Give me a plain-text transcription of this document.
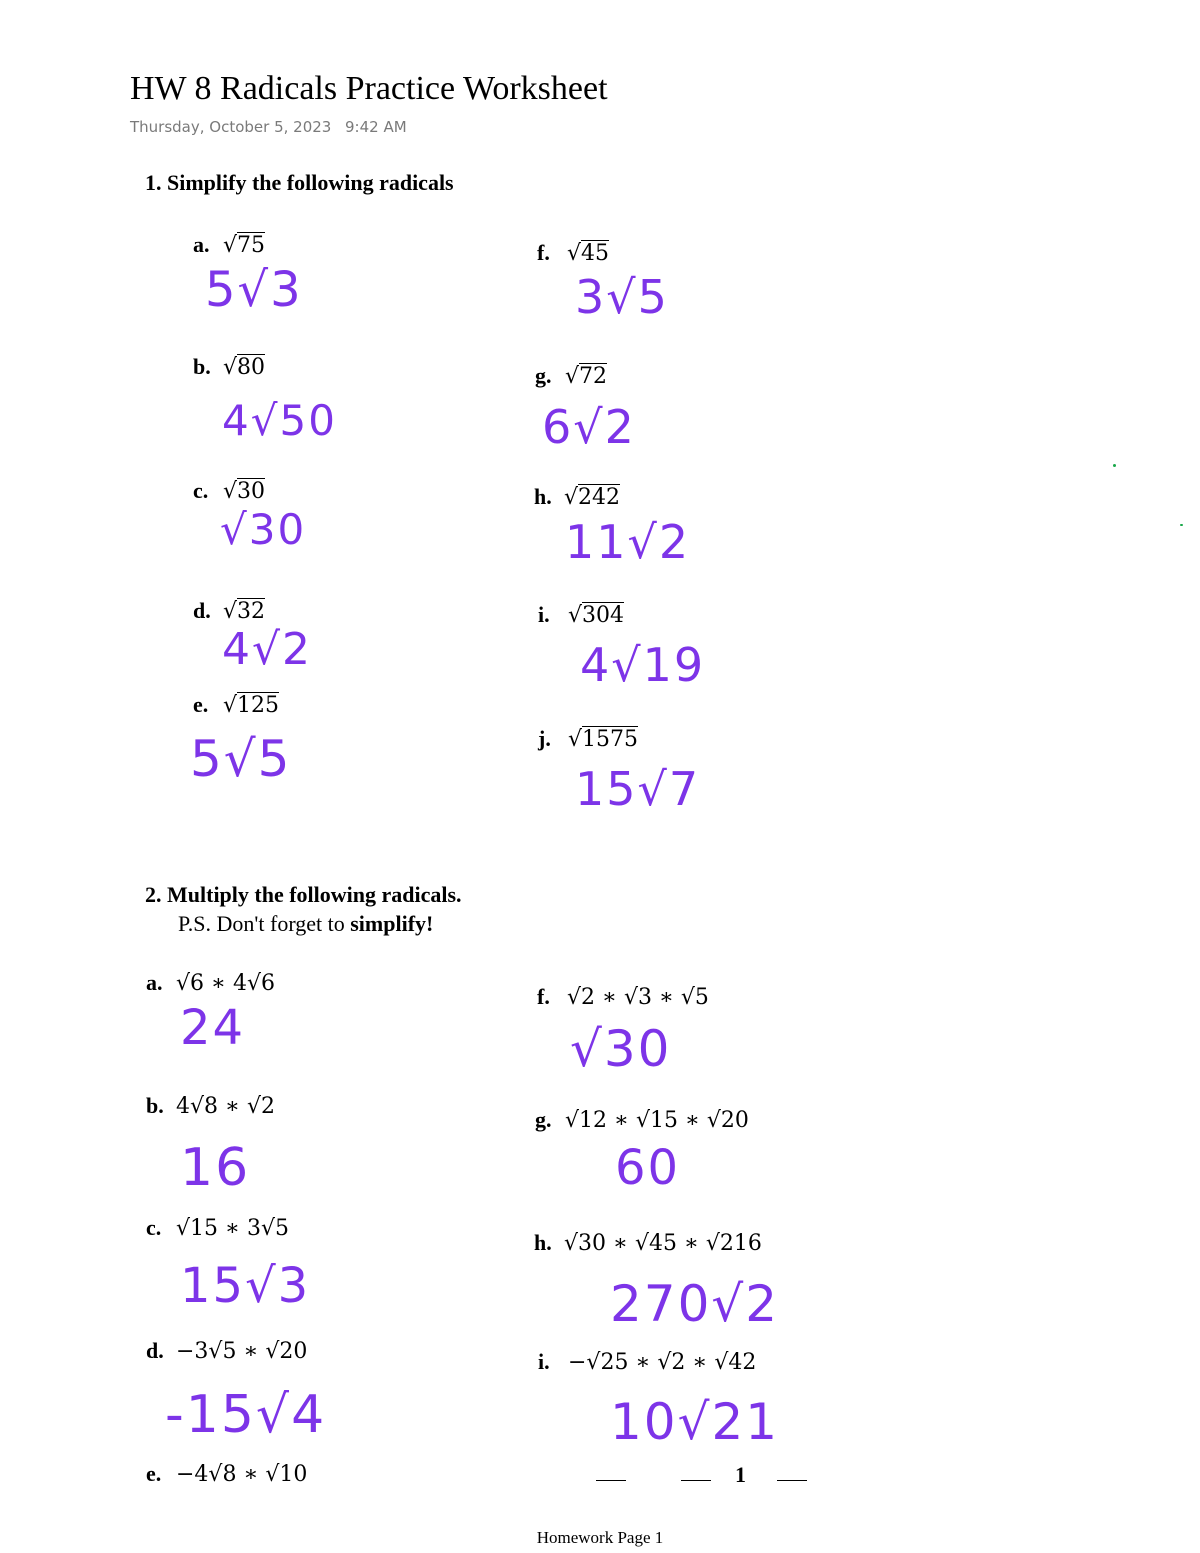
HW 8 Radicals Practice Worksheet
Thursday, October 5, 2023 9:42 AM
1. Simplify the following radicals
a. √75
5√3
b. √80
4√50
c. √30
√30
d. √32
4√2
e. √125
5√5
f. √45
3√5
g. √72
6√2
h. √242
11√2
i. √304
4√19
j. √1575
15√7
2. Multiply the following radicals.
P.S. Don't forget to simplify!
a. √6 ∗ 4√6
24
b. 4√8 ∗ √2
16
c. √15 ∗ 3√5
15√3
d. −3√5 ∗ √20
-15√4
e. −4√8 ∗ √10
f. √2 ∗ √3 ∗ √5
√30
g. √12 ∗ √15 ∗ √20
60
h. √30 ∗ √45 ∗ √216
270√2
i. −√25 ∗ √2 ∗ √42
10√21
1
Homework Page 1
